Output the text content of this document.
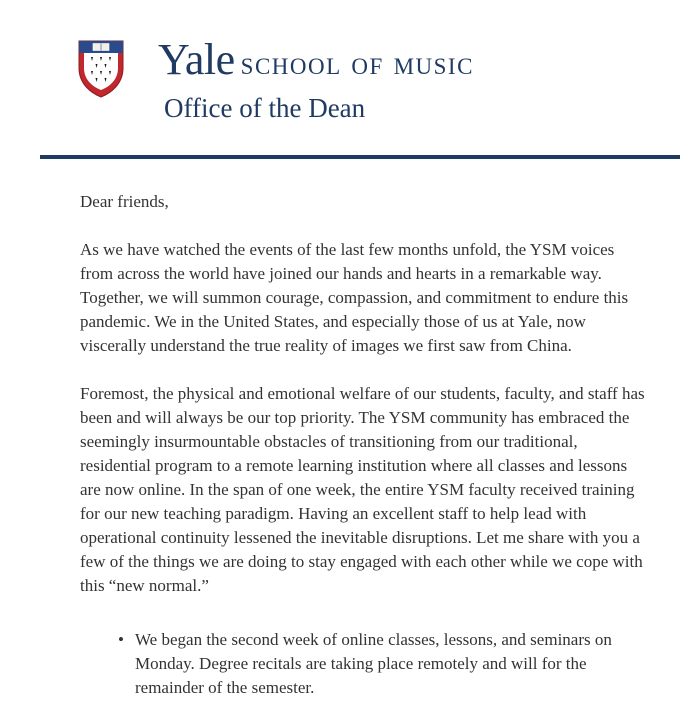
Yale school of music
Office of the Dean

Dear friends,

As we have watched the events of the last few months unfold, the YSM voices from across the world have joined our hands and hearts in a remarkable way. Together, we will summon courage, compassion, and commitment to endure this pandemic. We in the United States, and especially those of us at Yale, now viscerally understand the true reality of images we first saw from China.

Foremost, the physical and emotional welfare of our students, faculty, and staff has been and will always be our top priority. The YSM community has embraced the seemingly insurmountable obstacles of transitioning from our traditional, residential program to a remote learning institution where all classes and lessons are now online. In the span of one week, the entire YSM faculty received training for our new teaching paradigm. Having an excellent staff to help lead with operational continuity lessened the inevitable disruptions. Let me share with you a few of the things we are doing to stay engaged with each other while we cope with this “new normal.”

• We began the second week of online classes, lessons, and seminars on Monday. Degree recitals are taking place remotely and will for the remainder of the semester.
